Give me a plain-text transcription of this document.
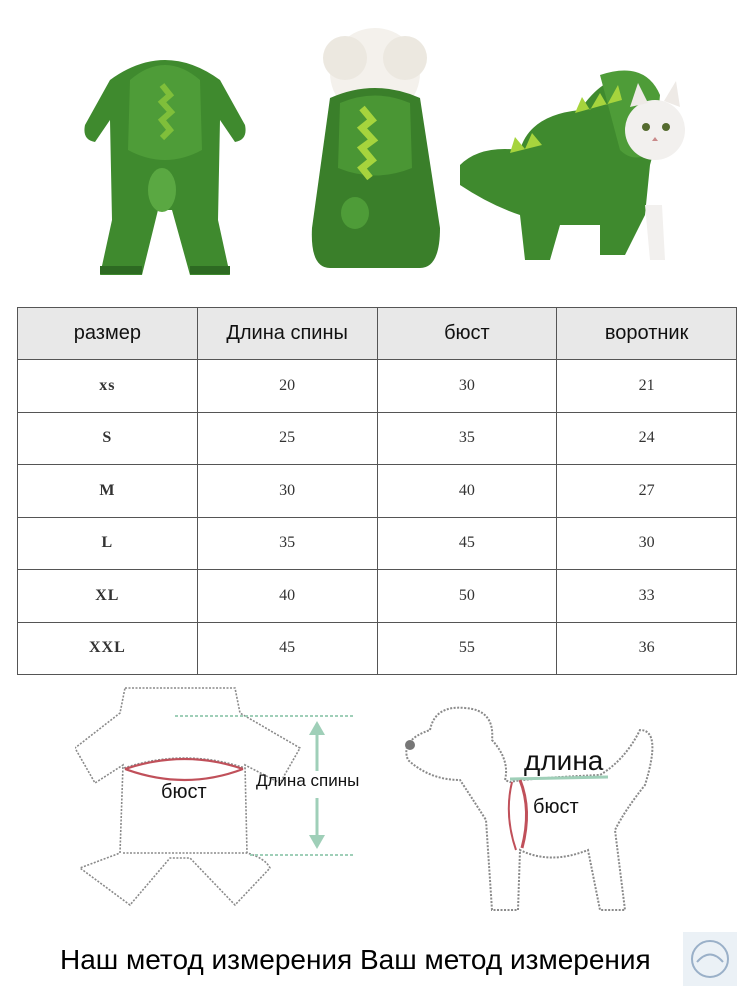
размер	Длина спины	бюст	воротник
xs	20	30	21
S	25	35	24
M	30	40	27
L	35	45	30
XL	40	50	33
XXL	45	55	36
бюст
Длина спины
длина
бюст
Наш метод измерения Ваш метод измерения
